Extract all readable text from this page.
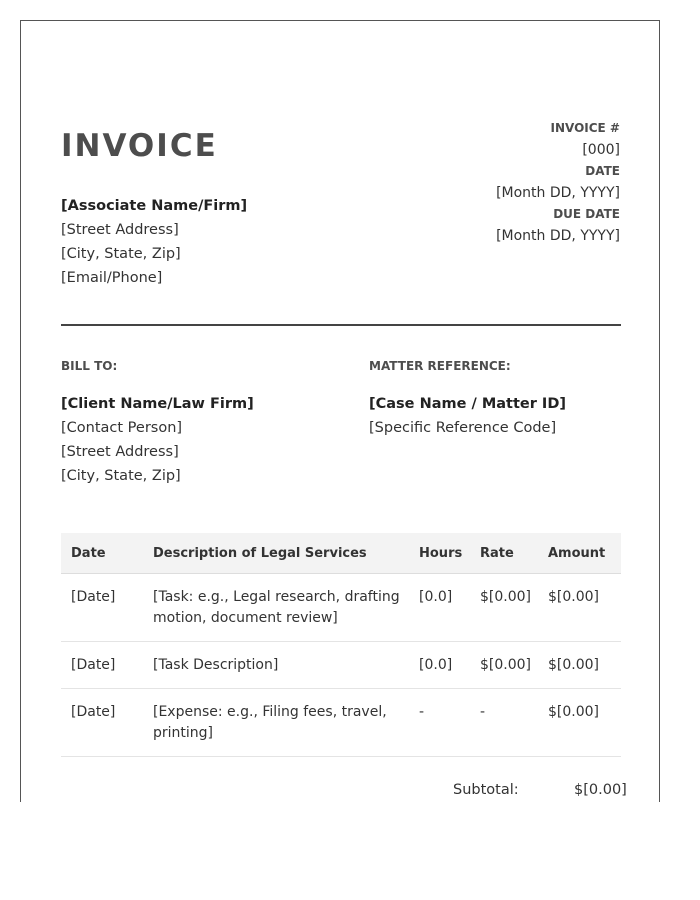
INVOICE
[Associate Name/Firm]
[Street Address]
[City, State, Zip]
[Email/Phone]
INVOICE #
[000]
DATE
[Month DD, YYYY]
DUE DATE
[Month DD, YYYY]
BILL TO:
[Client Name/Law Firm]
[Contact Person]
[Street Address]
[City, State, Zip]
MATTER REFERENCE:
[Case Name / Matter ID]
[Specific Reference Code]
Date	Description of Legal Services	Hours	Rate	Amount
[Date]	[Task: e.g., Legal research, drafting motion, document review]	[0.0]	$[0.00]	$[0.00]
[Date]	[Task Description]	[0.0]	$[0.00]	$[0.00]
[Date]	[Expense: e.g., Filing fees, travel, printing]	-	-	$[0.00]
Subtotal:	$[0.00]
